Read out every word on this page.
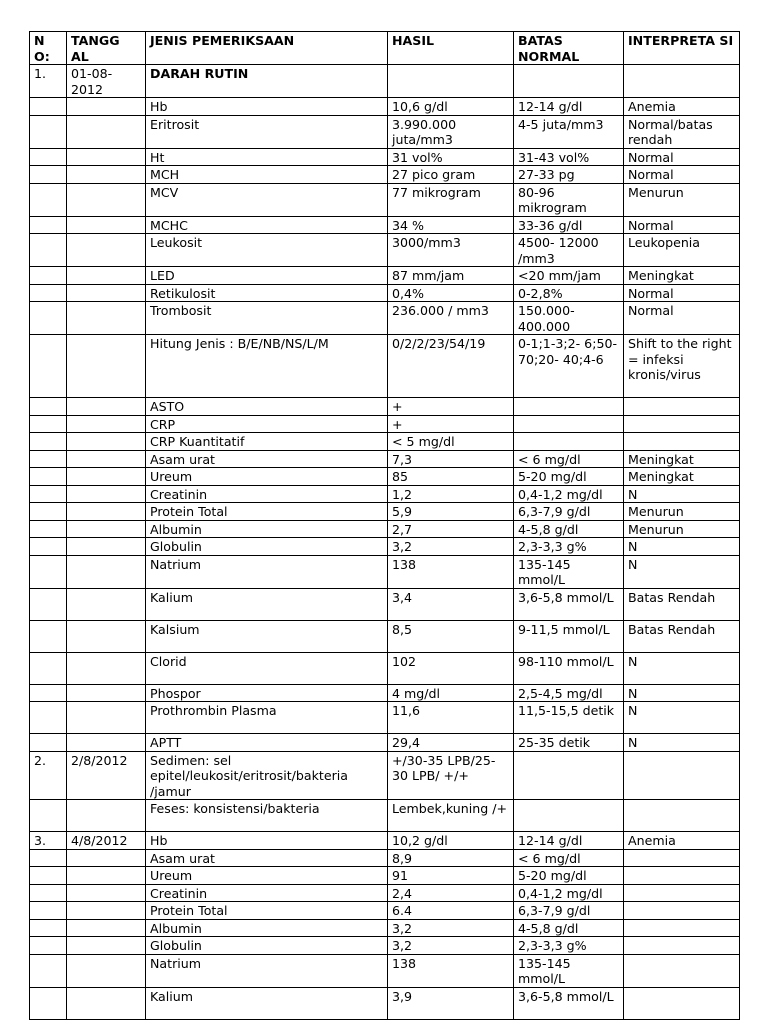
N O:	TANGG AL	JENIS PEMERIKSAAN	HASIL	BATAS NORMAL	INTERPRETA SI
1.	01-08- 2012	DARAH RUTIN			
		Hb	10,6 g/dl	12-14 g/dl	Anemia
		Eritrosit	3.990.000 juta/mm3	4-5 juta/mm3	Normal/batas rendah
		Ht	31 vol%	31-43 vol%	Normal
		MCH	27 pico gram	27-33 pg	Normal
		MCV	77 mikrogram	80-96 mikrogram	Menurun
		MCHC	34 %	33-36 g/dl	Normal
		Leukosit	3000/mm3	4500- 12000 /mm3	Leukopenia
		LED	87 mm/jam	<20 mm/jam	Meningkat
		Retikulosit	0,4%	0-2,8%	Normal
		Trombosit	236.000 / mm3	150.000- 400.000	Normal
		Hitung Jenis : B/E/NB/NS/L/M	0/2/2/23/54/19	0-1;1-3;2- 6;50-70;20- 40;4-6	Shift to the right = infeksi kronis/virus
		ASTO	+		
		CRP	+		
		CRP Kuantitatif	< 5 mg/dl		
		Asam urat	7,3	< 6 mg/dl	Meningkat
		Ureum	85	5-20 mg/dl	Meningkat
		Creatinin	1,2	0,4-1,2 mg/dl	N
		Protein Total	5,9	6,3-7,9 g/dl	Menurun
		Albumin	2,7	4-5,8 g/dl	Menurun
		Globulin	3,2	2,3-3,3 g%	N
		Natrium	138	135-145 mmol/L	N
		Kalium	3,4	3,6-5,8 mmol/L	Batas Rendah
		Kalsium	8,5	9-11,5 mmol/L	Batas Rendah
		Clorid	102	98-110 mmol/L	N
		Phospor	4 mg/dl	2,5-4,5 mg/dl	N
		Prothrombin Plasma	11,6	11,5-15,5 detik	N
		APTT	29,4	25-35 detik	N
2.	2/8/2012	Sedimen: sel epitel/leukosit/eritrosit/bakteria /jamur	+/30-35 LPB/25-30 LPB/ +/+		
		Feses: konsistensi/bakteria	Lembek,kuning /+		
3.	4/8/2012	Hb	10,2 g/dl	12-14 g/dl	Anemia
		Asam urat	8,9	< 6 mg/dl	
		Ureum	91	5-20 mg/dl	
		Creatinin	2,4	0,4-1,2 mg/dl	
		Protein Total	6.4	6,3-7,9 g/dl	
		Albumin	3,2	4-5,8 g/dl	
		Globulin	3,2	2,3-3,3 g%	
		Natrium	138	135-145 mmol/L	
		Kalium	3,9	3,6-5,8 mmol/L	
